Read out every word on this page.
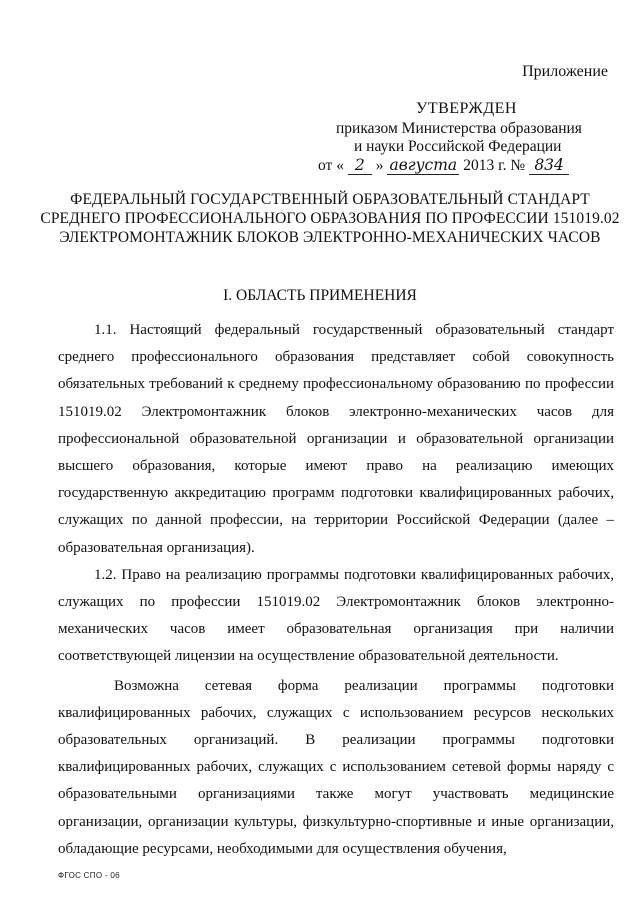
Приложение
УТВЕРЖДЕН
приказом Министерства образования
и науки Российской Федерации
от « 2 » августа 2013 г. № 834
ФЕДЕРАЛЬНЫЙ ГОСУДАРСТВЕННЫЙ ОБРАЗОВАТЕЛЬНЫЙ СТАНДАРТ СРЕДНЕГО ПРОФЕССИОНАЛЬНОГО ОБРАЗОВАНИЯ ПО ПРОФЕССИИ 151019.02 ЭЛЕКТРОМОНТАЖНИК БЛОКОВ ЭЛЕКТРОННО-МЕХАНИЧЕСКИХ ЧАСОВ
I. ОБЛАСТЬ ПРИМЕНЕНИЯ

1.1. Настоящий федеральный государственный образовательный стандарт среднего профессионального образования представляет собой совокупность обязательных требований к среднему профессиональному образованию по профессии 151019.02 Электромонтажник блоков электронно-механических часов для профессиональной образовательной организации и образовательной организации высшего образования, которые имеют право на реализацию имеющих государственную аккредитацию программ подготовки квалифицированных рабочих, служащих по данной профессии, на территории Российской Федерации (далее – образовательная организация).

1.2. Право на реализацию программы подготовки квалифицированных рабочих, служащих по профессии 151019.02 Электромонтажник блоков электронно-механических часов имеет образовательная организация при наличии соответствующей лицензии на осуществление образовательной деятельности.

Возможна сетевая форма реализации программы подготовки квалифицированных рабочих, служащих с использованием ресурсов нескольких образовательных организаций. В реализации программы подготовки квалифицированных рабочих, служащих с использованием сетевой формы наряду с образовательными организациями также могут участвовать медицинские организации, организации культуры, физкультурно-спортивные и иные организации, обладающие ресурсами, необходимыми для осуществления обучения,

ФГОС СПО - 06
